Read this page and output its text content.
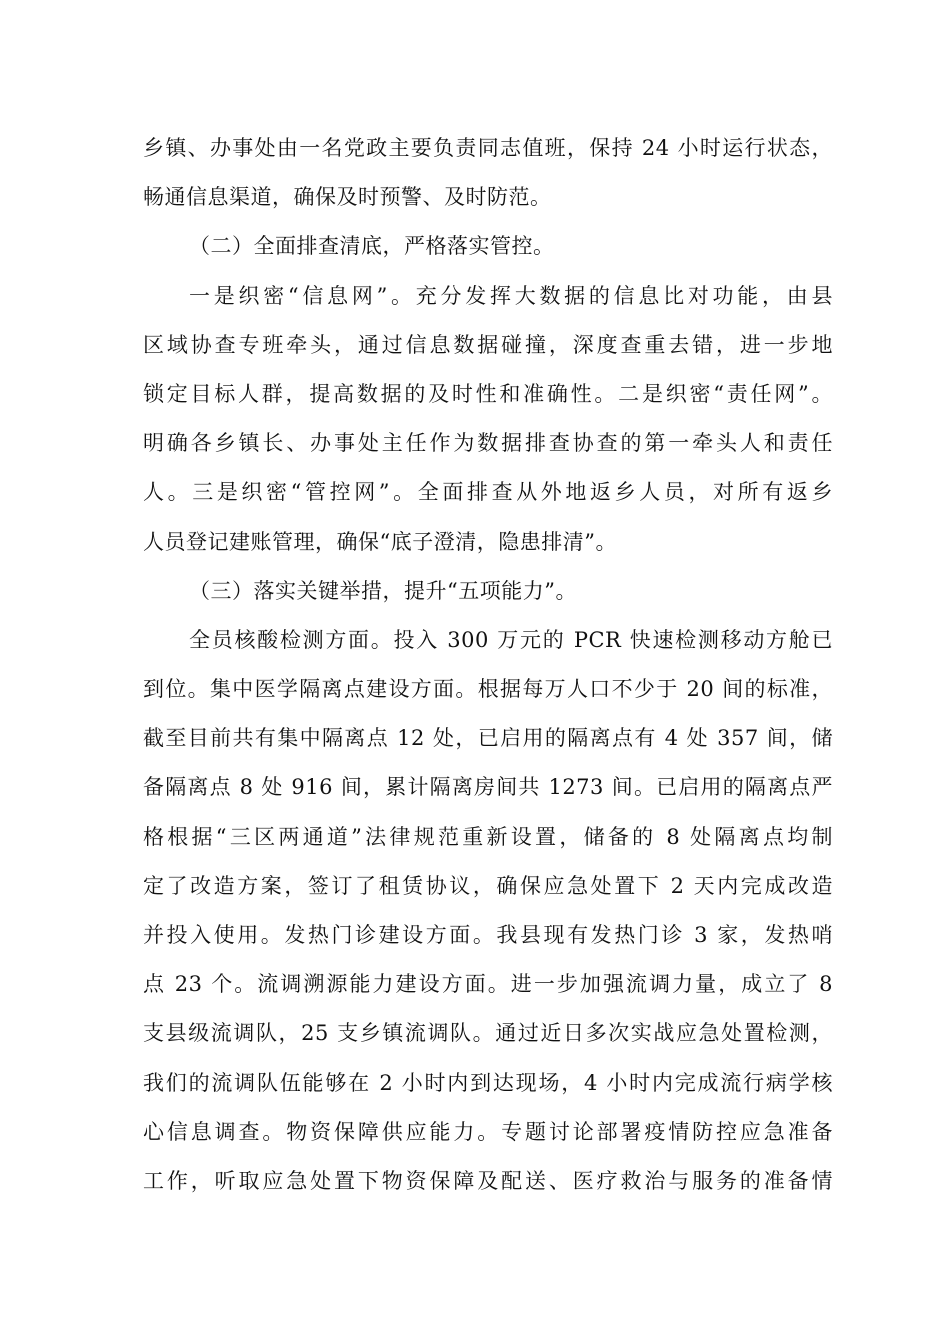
乡镇、办事处由一名党政主要负责同志值班，保持 24 小时运行状态，
畅通信息渠道，确保及时预警、及时防范。
（二）全面排查清底，严格落实管控。
一是织密“信息网”。充分发挥大数据的信息比对功能，由县
区域协查专班牵头，通过信息数据碰撞，深度查重去错，进一步地
锁定目标人群，提高数据的及时性和准确性。二是织密“责任网”。
明确各乡镇长、办事处主任作为数据排查协查的第一牵头人和责任
人。三是织密“管控网”。全面排查从外地返乡人员，对所有返乡
人员登记建账管理，确保“底子澄清，隐患排清”。
（三）落实关键举措，提升“五项能力”。
全员核酸检测方面。投入 300 万元的 PCR 快速检测移动方舱已
到位。集中医学隔离点建设方面。根据每万人口不少于 20 间的标准，
截至目前共有集中隔离点 12 处，已启用的隔离点有 4 处 357 间，储
备隔离点 8 处 916 间，累计隔离房间共 1273 间。已启用的隔离点严
格根据“三区两通道”法律规范重新设置，储备的 8 处隔离点均制
定了改造方案，签订了租赁协议，确保应急处置下 2 天内完成改造
并投入使用。发热门诊建设方面。我县现有发热门诊 3 家，发热哨
点 23 个。流调溯源能力建设方面。进一步加强流调力量，成立了 8
支县级流调队，25 支乡镇流调队。通过近日多次实战应急处置检测，
我们的流调队伍能够在 2 小时内到达现场，4 小时内完成流行病学核
心信息调查。物资保障供应能力。专题讨论部署疫情防控应急准备
工作，听取应急处置下物资保障及配送、医疗救治与服务的准备情
